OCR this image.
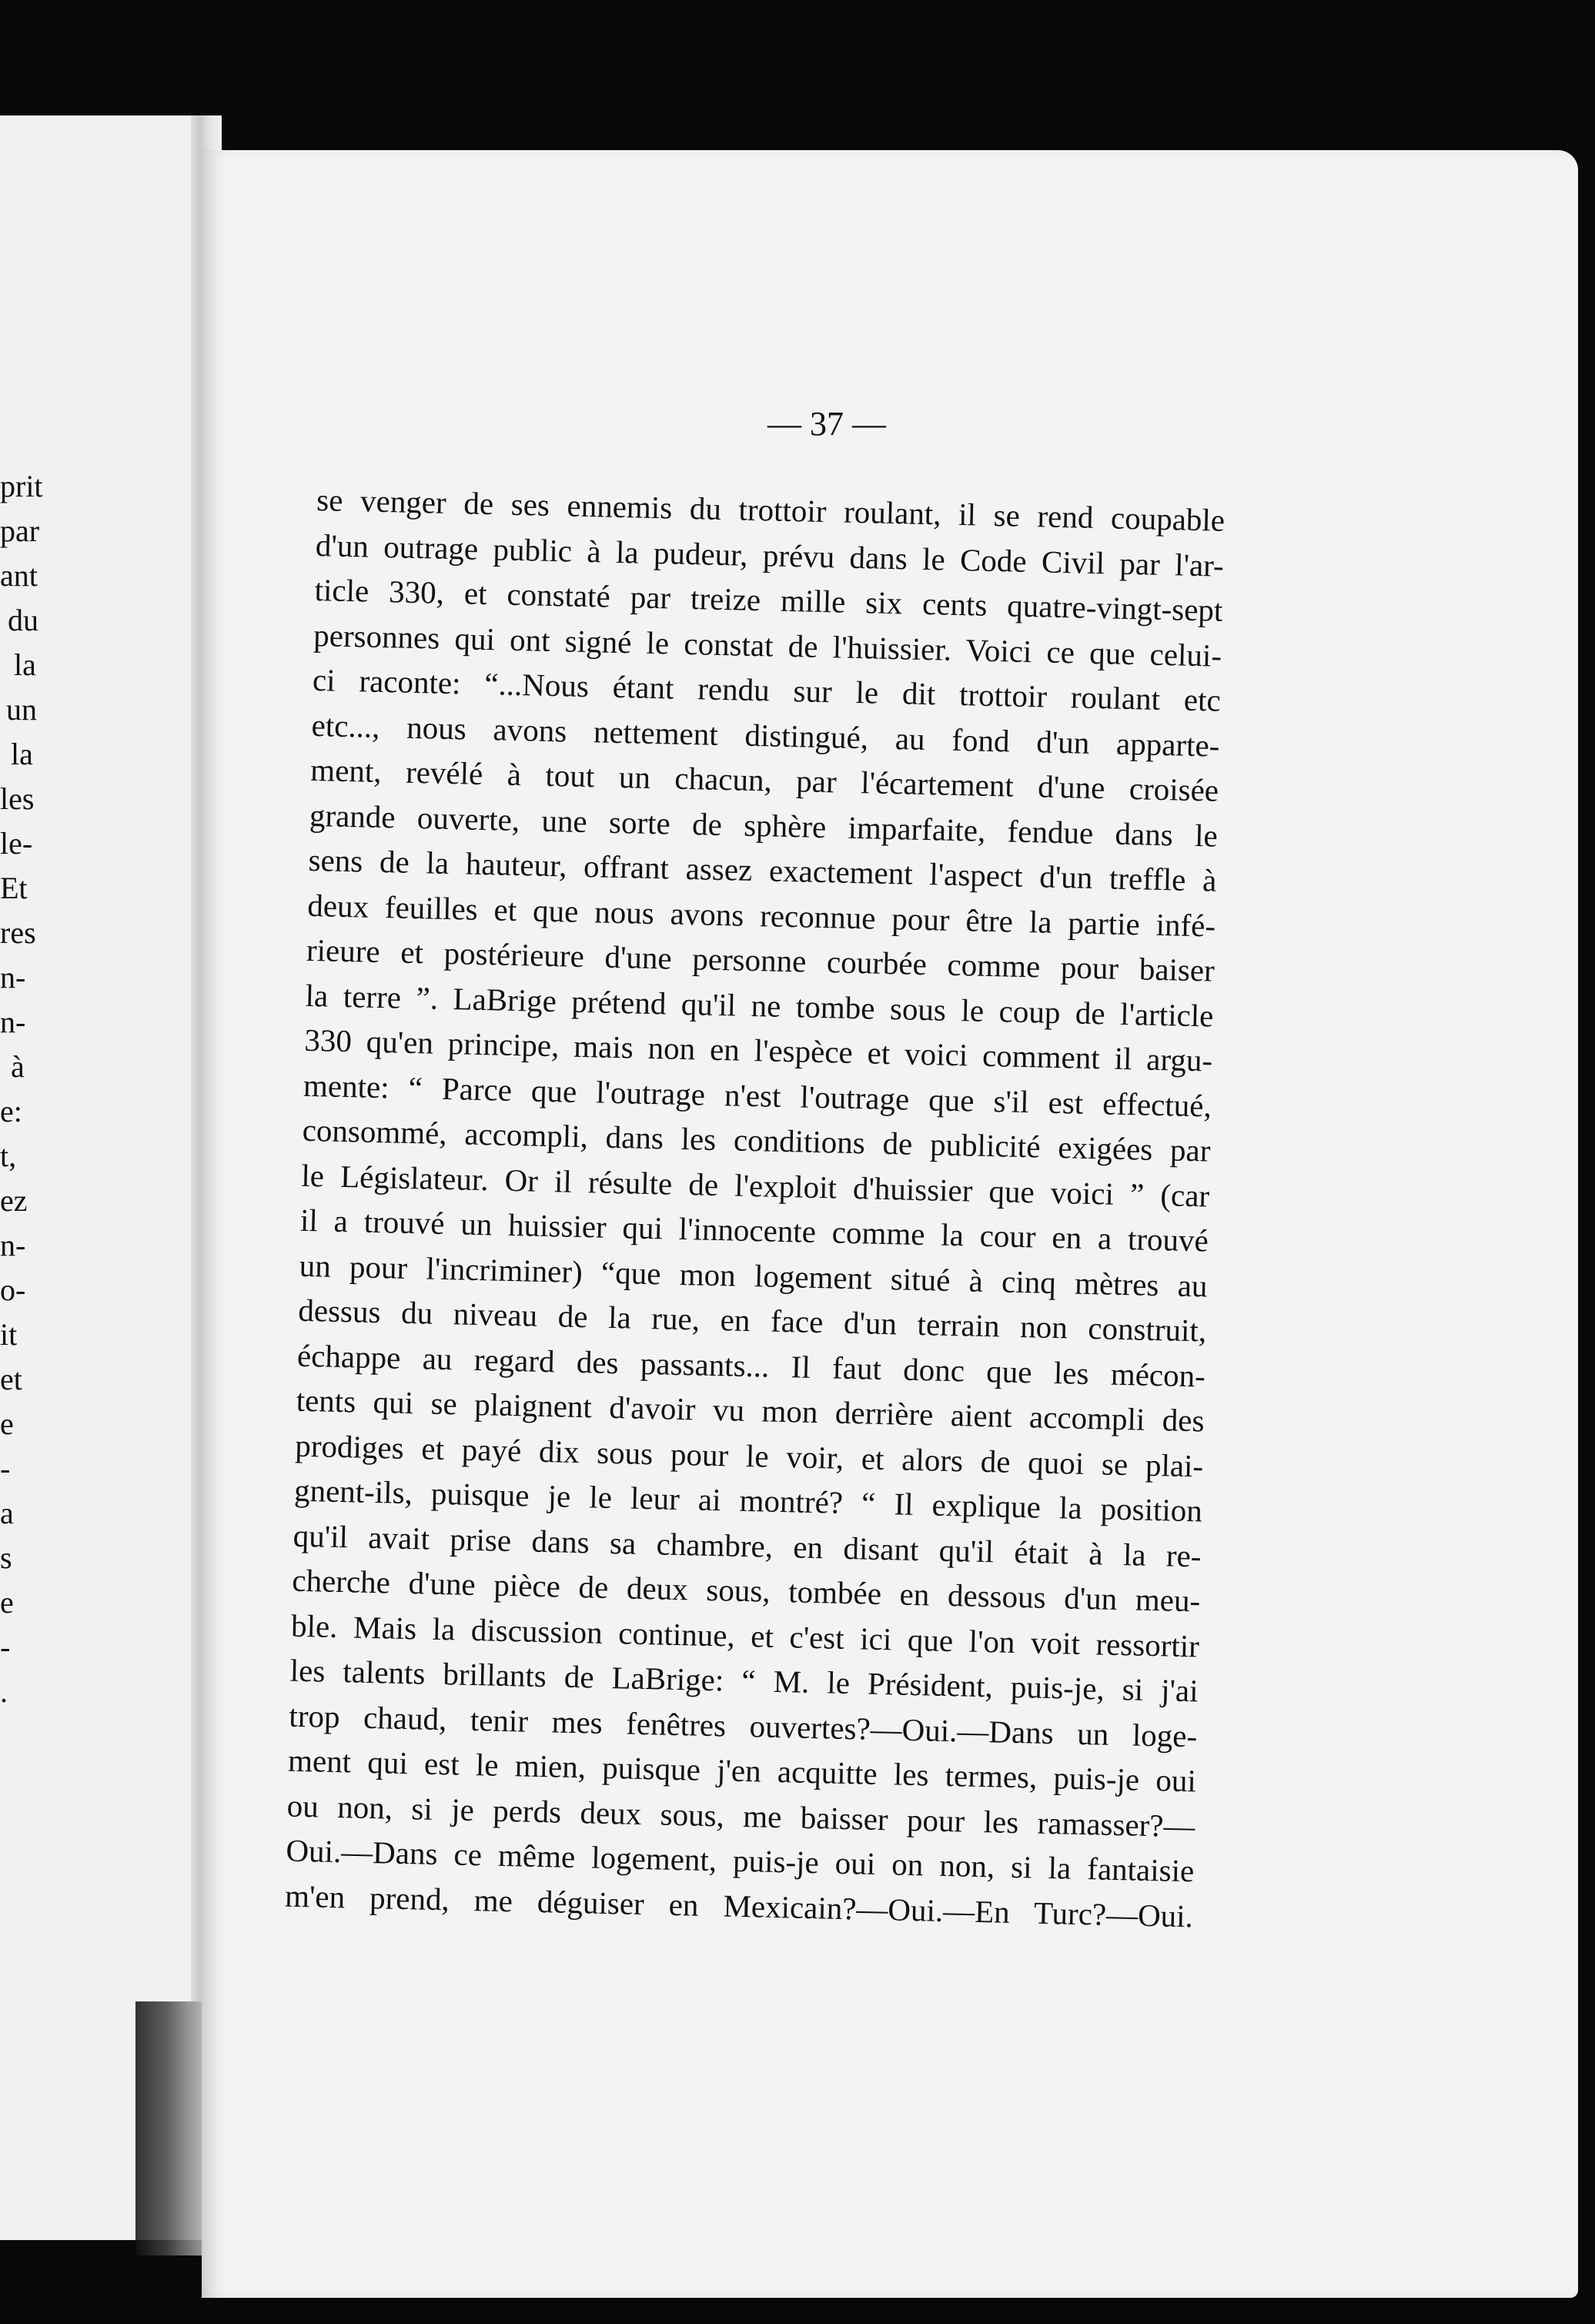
prit
par
ant
du
la
un
la
les
le-
Et
res
n-
n-
à
e:
t,
ez
n-
o-
it
et
e
-
a
s
e
-
.
— 37 —
se venger de ses ennemis du trottoir roulant, il se rend coupable
d'un outrage public à la pudeur, prévu dans le Code Civil par l'ar-
ticle 330, et constaté par treize mille six cents quatre-vingt-sept
personnes qui ont signé le constat de l'huissier. Voici ce que celui-
ci raconte: “...Nous étant rendu sur le dit trottoir roulant etc
etc..., nous avons nettement distingué, au fond d'un apparte-
ment, revélé à tout un chacun, par l'écartement d'une croisée
grande ouverte, une sorte de sphère imparfaite, fendue dans le
sens de la hauteur, offrant assez exactement l'aspect d'un treffle à
deux feuilles et que nous avons reconnue pour être la partie infé-
rieure et postérieure d'une personne courbée comme pour baiser
la terre ”. LaBrige prétend qu'il ne tombe sous le coup de l'article
330 qu'en principe, mais non en l'espèce et voici comment il argu-
mente: “ Parce que l'outrage n'est l'outrage que s'il est effectué,
consommé, accompli, dans les conditions de publicité exigées par
le Législateur. Or il résulte de l'exploit d'huissier que voici ” (car
il a trouvé un huissier qui l'innocente comme la cour en a trouvé
un pour l'incriminer) “que mon logement situé à cinq mètres au
dessus du niveau de la rue, en face d'un terrain non construit,
échappe au regard des passants... Il faut donc que les mécon-
tents qui se plaignent d'avoir vu mon derrière aient accompli des
prodiges et payé dix sous pour le voir, et alors de quoi se plai-
gnent-ils, puisque je le leur ai montré? “ Il explique la position
qu'il avait prise dans sa chambre, en disant qu'il était à la re-
cherche d'une pièce de deux sous, tombée en dessous d'un meu-
ble. Mais la discussion continue, et c'est ici que l'on voit ressortir
les talents brillants de LaBrige: “ M. le Président, puis-je, si j'ai
trop chaud, tenir mes fenêtres ouvertes?—Oui.—Dans un loge-
ment qui est le mien, puisque j'en acquitte les termes, puis-je oui
ou non, si je perds deux sous, me baisser pour les ramasser?—
Oui.—Dans ce même logement, puis-je oui on non, si la fantaisie
m'en prend, me déguiser en Mexicain?—Oui.—En Turc?—Oui.
